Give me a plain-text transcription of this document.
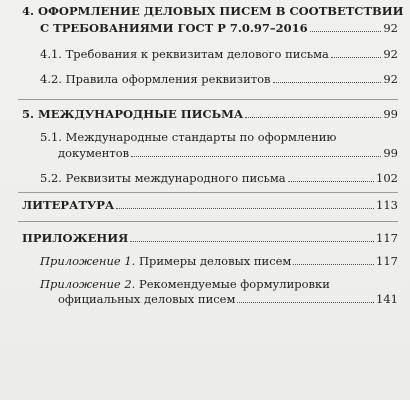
4. ОФОРМЛЕНИЕ ДЕЛОВЫХ ПИСЕМ В СООТВЕТСТВИИ
С ТРЕБОВАНИЯМИ ГОСТ Р 7.0.97–2016	92
4.1. Требования к реквизитам делового письма	92
4.2. Правила оформления реквизитов	92
5. МЕЖДУНАРОДНЫЕ ПИСЬМА	99
5.1. Международные стандарты по оформлению
документов	99
5.2. Реквизиты международного письма	102
ЛИТЕРАТУРА	113
ПРИЛОЖЕНИЯ	117
Приложение 1. Примеры деловых писем	117
Приложение 2. Рекомендуемые формулировки
официальных деловых писем	141
